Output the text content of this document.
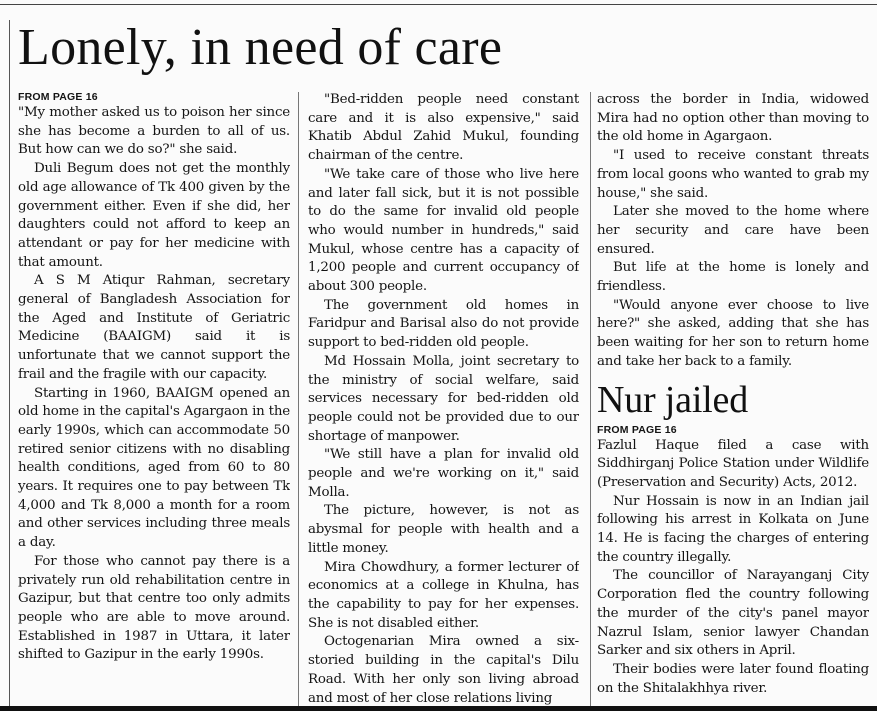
Lonely, in need of care
FROM PAGE 16

"My mother asked us to poison her since she has become a burden to all of us. But how can we do so?" she said.

Duli Begum does not get the monthly old age allowance of Tk 400 given by the government either. Even if she did, her daughters could not afford to keep an attendant or pay for her medicine with that amount.

A S M Atiqur Rahman, secretary general of Bangladesh Association for the Aged and Institute of Geriatric Medicine (BAAIGM) said it is unfortunate that we cannot support the frail and the fragile with our capacity.

Starting in 1960, BAAIGM opened an old home in the capital's Agargaon in the early 1990s, which can accommodate 50 retired senior citizens with no disabling health conditions, aged from 60 to 80 years. It requires one to pay between Tk 4,000 and Tk 8,000 a month for a room and other services including three meals a day.

For those who cannot pay there is a privately run old rehabilitation centre in Gazipur, but that centre too only admits people who are able to move around. Established in 1987 in Uttara, it later shifted to Gazipur in the early 1990s.

"Bed-ridden people need constant care and it is also expensive," said Khatib Abdul Zahid Mukul, founding chairman of the centre.

"We take care of those who live here and later fall sick, but it is not possible to do the same for invalid old people who would number in hundreds," said Mukul, whose centre has a capacity of 1,200 people and current occupancy of about 300 people.

The government old homes in Faridpur and Barisal also do not provide support to bed-ridden old people.

Md Hossain Molla, joint secretary to the ministry of social welfare, said services necessary for bed-ridden old people could not be provided due to our shortage of manpower.

"We still have a plan for invalid old people and we're working on it," said Molla.

The picture, however, is not as abysmal for people with health and a little money.

Mira Chowdhury, a former lecturer of economics at a college in Khulna, has the capability to pay for her expenses. She is not disabled either.

Octogenarian Mira owned a six-storied building in the capital's Dilu Road. With her only son living abroad and most of her close relations living

across the border in India, widowed Mira had no option other than moving to the old home in Agargaon.

"I used to receive constant threats from local goons who wanted to grab my house," she said.

Later she moved to the home where her security and care have been ensured.

But life at the home is lonely and friendless.

"Would anyone ever choose to live here?" she asked, adding that she has been waiting for her son to return home and take her back to a family.

Nur jailed
FROM PAGE 16

Fazlul Haque filed a case with Siddhirganj Police Station under Wildlife (Preservation and Security) Acts, 2012.

Nur Hossain is now in an Indian jail following his arrest in Kolkata on June 14. He is facing the charges of entering the country illegally.

The councillor of Narayanganj City Corporation fled the country following the murder of the city's panel mayor Nazrul Islam, senior lawyer Chandan Sarker and six others in April.

Their bodies were later found floating on the Shitalakhhya river.
